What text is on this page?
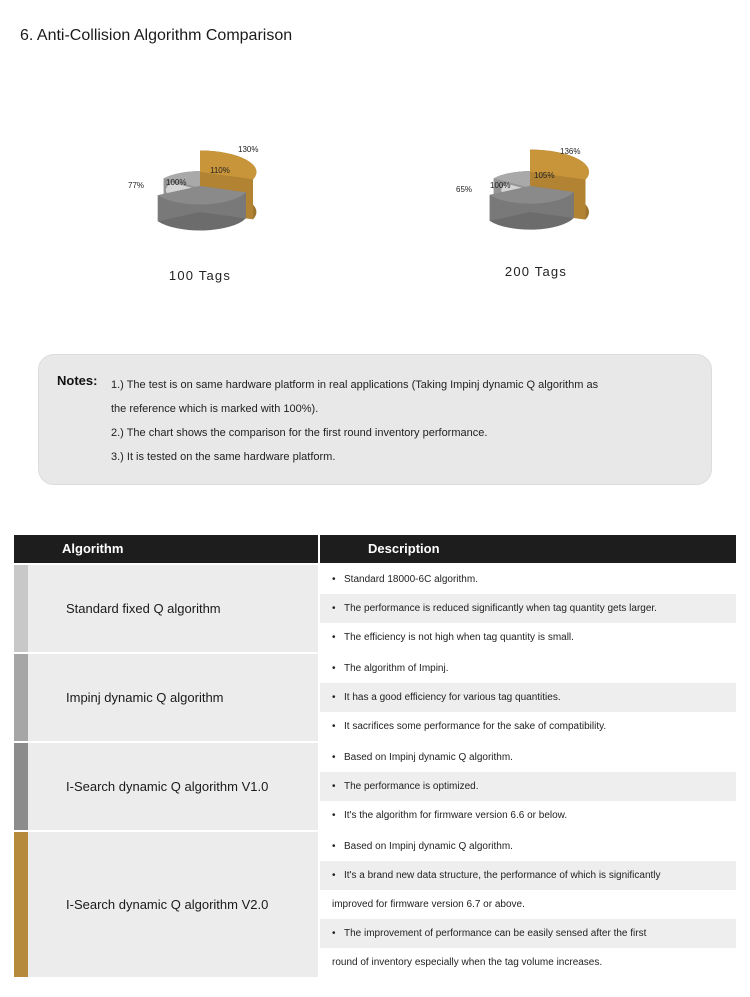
6. Anti-Collision Algorithm Comparison
77%	100%
110%
130%
100 Tags
65% 100%
105%
136%
200 Tags
Notes: 1.) The test is on same hardware platform in real applications (Taking Impinj dynamic Q algorithm as
the reference which is marked with 100%).
2.) The chart shows the comparison for the first round inventory performance.
3.) It is tested on the same hardware platform.
Algorithm	Description
Standard fixed Q algorithm
• Standard 18000-6C algorithm.
• The performance is reduced significantly when tag quantity gets larger.
• The efficiency is not high when tag quantity is small.
Impinj dynamic Q algorithm
• The algorithm of Impinj.
• It has a good efficiency for various tag quantities.
• It sacrifices some performance for the sake of compatibility.
I-Search dynamic Q algorithm V1.0
• Based on Impinj dynamic Q algorithm.
• The performance is optimized.
• It's the algorithm for firmware version 6.6 or below.
I-Search dynamic Q algorithm V2.0
• Based on Impinj dynamic Q algorithm.
• It's a brand new data structure, the performance of which is significantly
improved for firmware version 6.7 or above.
• The improvement of performance can be easily sensed after the first
round of inventory especially when the tag volume increases.
